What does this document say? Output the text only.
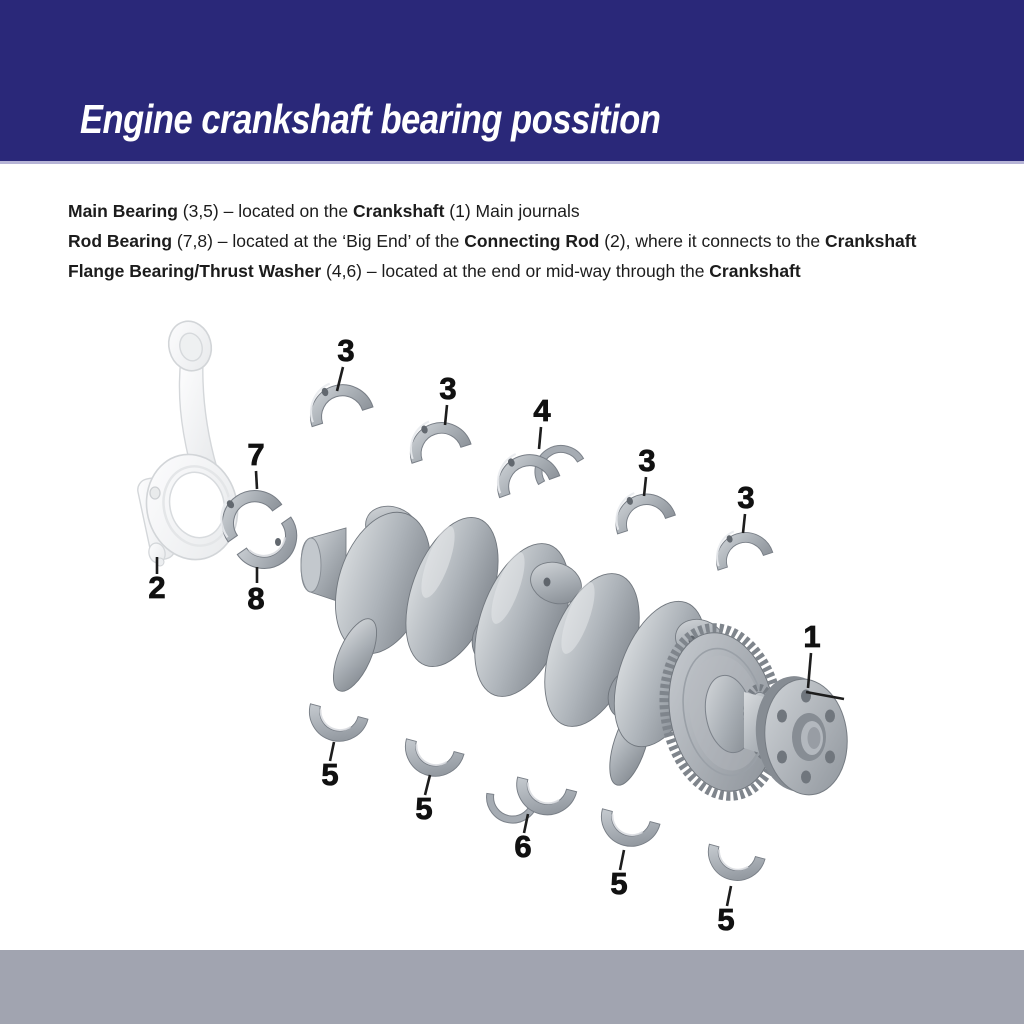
Engine crankshaft bearing possition

Main Bearing (3,5) – located on the Crankshaft (1) Main journals

Rod Bearing (7,8) – located at the ‘Big End’ of the Connecting Rod (2), where it connects to the Crankshaft

Flange Bearing/Thrust Washer (4,6) – located at the end or mid-way through the Crankshaft

3
3
4
3
3
1
7
8
2
5
5
6
5
5
